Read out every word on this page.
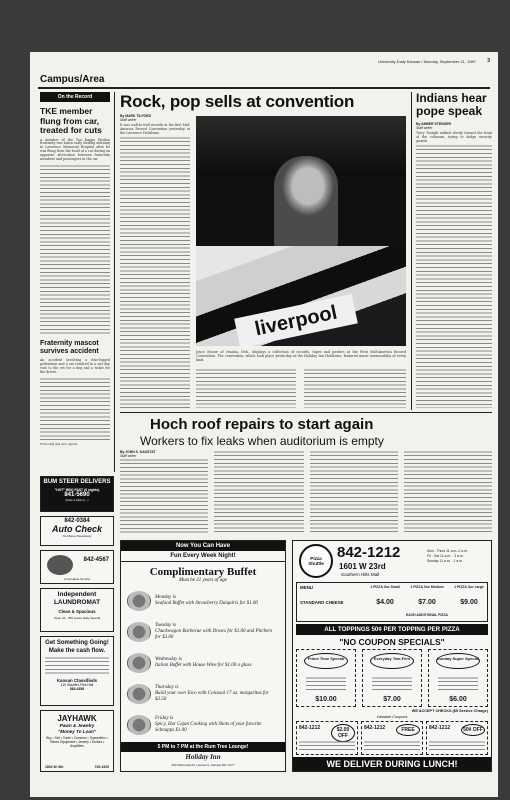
University Daily Kansan / Monday, September 21, 1987 3
Campus/Area
On the Record
TKE member flung from car, treated for cuts
A member of the Tau Kappa Epsilon fraternity was taken early Sunday morning to Lawrence Memorial Hospital after he was flung from the hood of a car during an apparent altercation between fraternity members and passengers in the car.
Fraternity mascot survives accident
An accident involving a four-legged pedestrian and a car resulted in a one-day visit to the vet for a dog and a ticket for the driver.
From staff and wire reports
Rock, pop sells at convention
By MARK TILFORD
Staff writer
It was wall-to-wall records at the first Mid-America Record Convention yesterday at the Lawrence Holidome.
liverpool
Joyce Moore of Omaha, Neb., displays a collection of records, tapes and posters at the First Mid-America Record Convention. The convention, which took place yesterday at the Holiday Inn Holidome, featured music memorabilia of every kind.
Indians hear pope speak
By AMBER STENGER
Staff writer
Terry Tsotigh walked slowly toward the front of the coliseum, trying to dodge security guards.
Hoch roof repairs to start again
Workers to fix leaks when auditorium is empty
By JOHN S. KAUSTAT
Staff writer
BUM STEER DELIVERS
"HOT" BBQ FAST (6 nights)
841-5690
(Give a Kick to...)
842-0384
Auto Check
No Money Necessary
842-4567
A Complete Service
Independent LAUNDROMAT
Clean & Spacious
Open 24 - 365 Lower Daily Special
Get Something Going!
Make the cash flow.
Kansan Classifieds
119 Stauffer-Flint Hall
864-4358
JAYHAWK
Pawn & Jewelry
"Money To Loan"
Buy • Sell • Trade • Cameras • Typewriters • Stereo Equipment • Jewelry • Guitars • Amplifiers
1804 W. 6th	749-1929
Now You Can Have
Fun Every Week Night!
Complimentary Buffet
Must be 21 years of age
Monday is
Seafood Buffet with Strawberry Daiquiris for $1.00
Tuesday is
Chuckwagon Barbecue with Draws for $1.00 and Pitchers for $3.00
Wednesday is
Italian Buffet with House Wine for $1.00 a glass
Thursday is
Build your own Taco with Colossal 17 oz. margaritas for $3.50
Friday is
Spicy, Hot Cajun Cooking with Shots of your favorite Schnapps $1.00
5 PM to 7 PM at the Rum Tree Lounge!
Holiday Inn
200 McDonald Dr. Lawrence, Kansas 841-7077
Pizza Shuttle
842-1212
1601 W 23rd
Southern Hills Mall
Mon - Thurs 11 a.m.-2 a.m.
Fri - Sat 11 a.m. - 3 a.m.
Sunday 11 a.m. - 1 a.m.
MENU	1 PIZZA Our Small	1 PIZZA Our Medium	1 PIZZA Our Large
STANDARD CHEESE	$4.00	$7.00	$9.00
EACH ADDITIONAL PIZZA
ALL TOPPINGS 50¢ PER TOPPING PER PIZZA
"NO COUPON SPECIALS"
Prime Time Special
$10.00
Everyday Two-Fers
$7.00
Sunday Super Special
$6.00
WE ACCEPT CHECKS ($5 Service Charge)
Valuable Coupons
842-1212	$2.00 OFF
842-1212	FREE	842-1212	50¢ OFF
WE DELIVER DURING LUNCH!
